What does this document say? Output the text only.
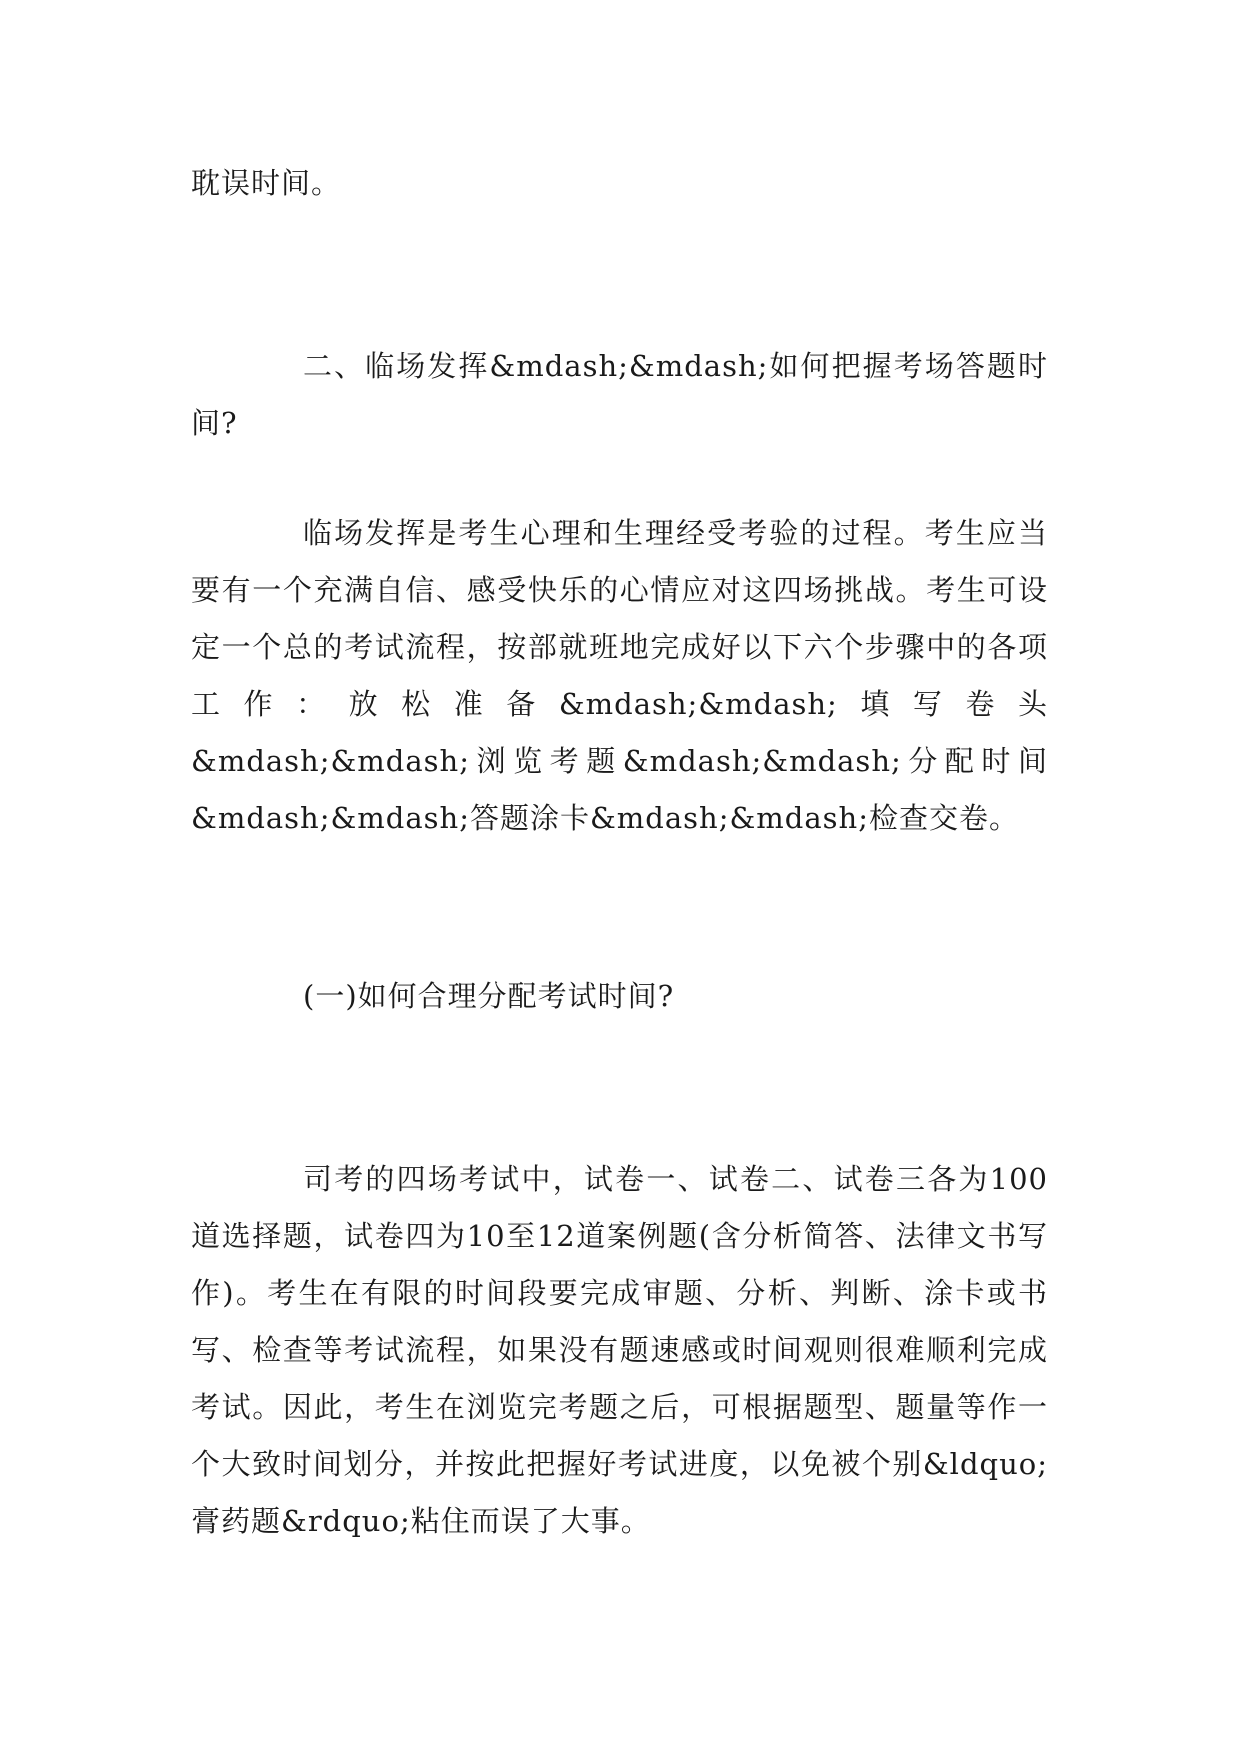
耽误时间。

二、临场发挥&mdash;&mdash;如何把握考场答题时间?

临场发挥是考生心理和生理经受考验的过程。考生应当要有一个充满自信、感受快乐的心情应对这四场挑战。考生可设定一个总的考试流程，按部就班地完成好以下六个步骤中的各项工作：放松准备&mdash;&mdash;填写卷头&mdash;&mdash;浏览考题&mdash;&mdash;分配时间&mdash;&mdash;答题涂卡&mdash;&mdash;检查交卷。

(一)如何合理分配考试时间?

司考的四场考试中，试卷一、试卷二、试卷三各为100道选择题，试卷四为10至12道案例题(含分析简答、法律文书写作)。考生在有限的时间段要完成审题、分析、判断、涂卡或书写、检查等考试流程，如果没有题速感或时间观则很难顺利完成考试。因此，考生在浏览完考题之后，可根据题型、题量等作一个大致时间划分，并按此把握好考试进度，以免被个别&ldquo;膏药题&rdquo;粘住而误了大事。
